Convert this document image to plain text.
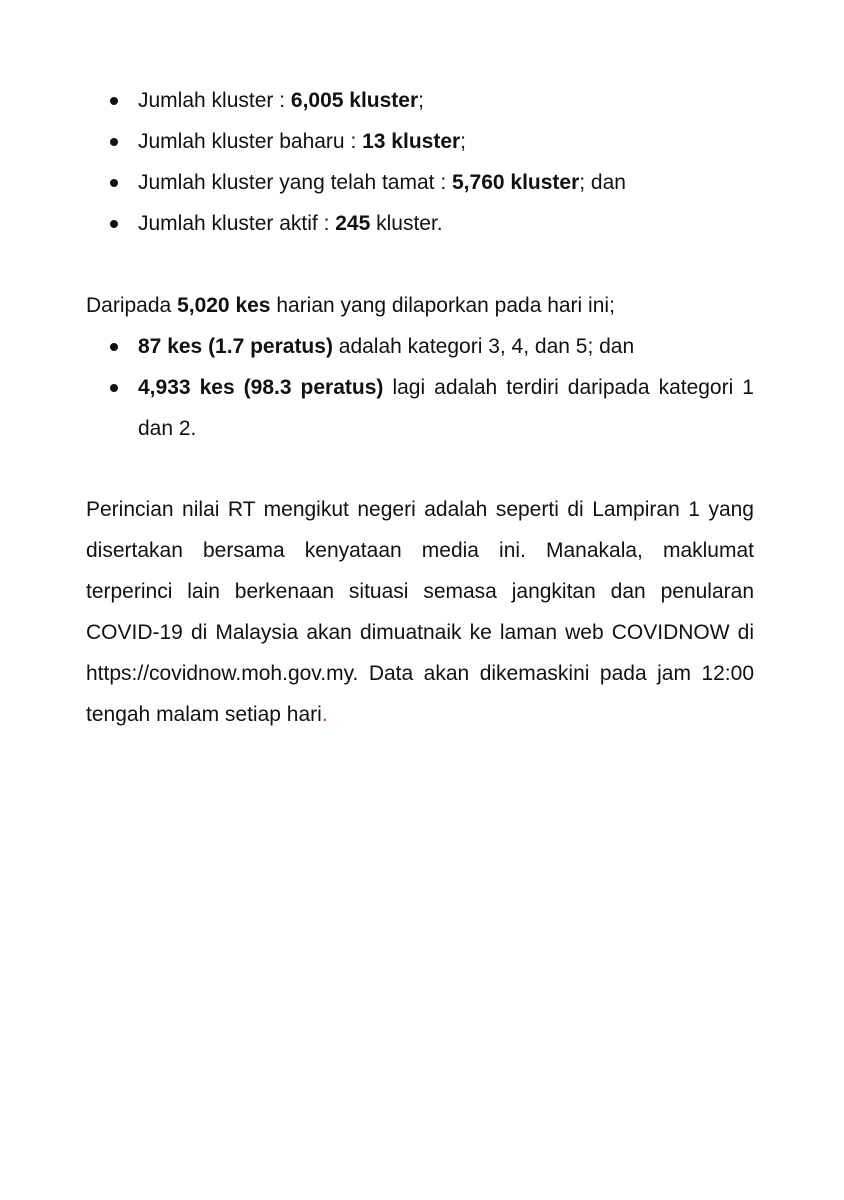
Jumlah kluster : 6,005 kluster;
Jumlah kluster baharu : 13 kluster;
Jumlah kluster yang telah tamat : 5,760 kluster; dan
Jumlah kluster aktif : 245 kluster.
Daripada 5,020 kes harian yang dilaporkan pada hari ini;
87 kes (1.7 peratus) adalah kategori 3, 4, dan 5; dan
4,933 kes (98.3 peratus) lagi adalah terdiri daripada kategori 1 dan 2.
Perincian nilai RT mengikut negeri adalah seperti di Lampiran 1 yang disertakan bersama kenyataan media ini. Manakala, maklumat terperinci lain berkenaan situasi semasa jangkitan dan penularan COVID-19 di Malaysia akan dimuatnaik ke laman web COVIDNOW di https://covidnow.moh.gov.my. Data akan dikemaskini pada jam 12:00 tengah malam setiap hari.
